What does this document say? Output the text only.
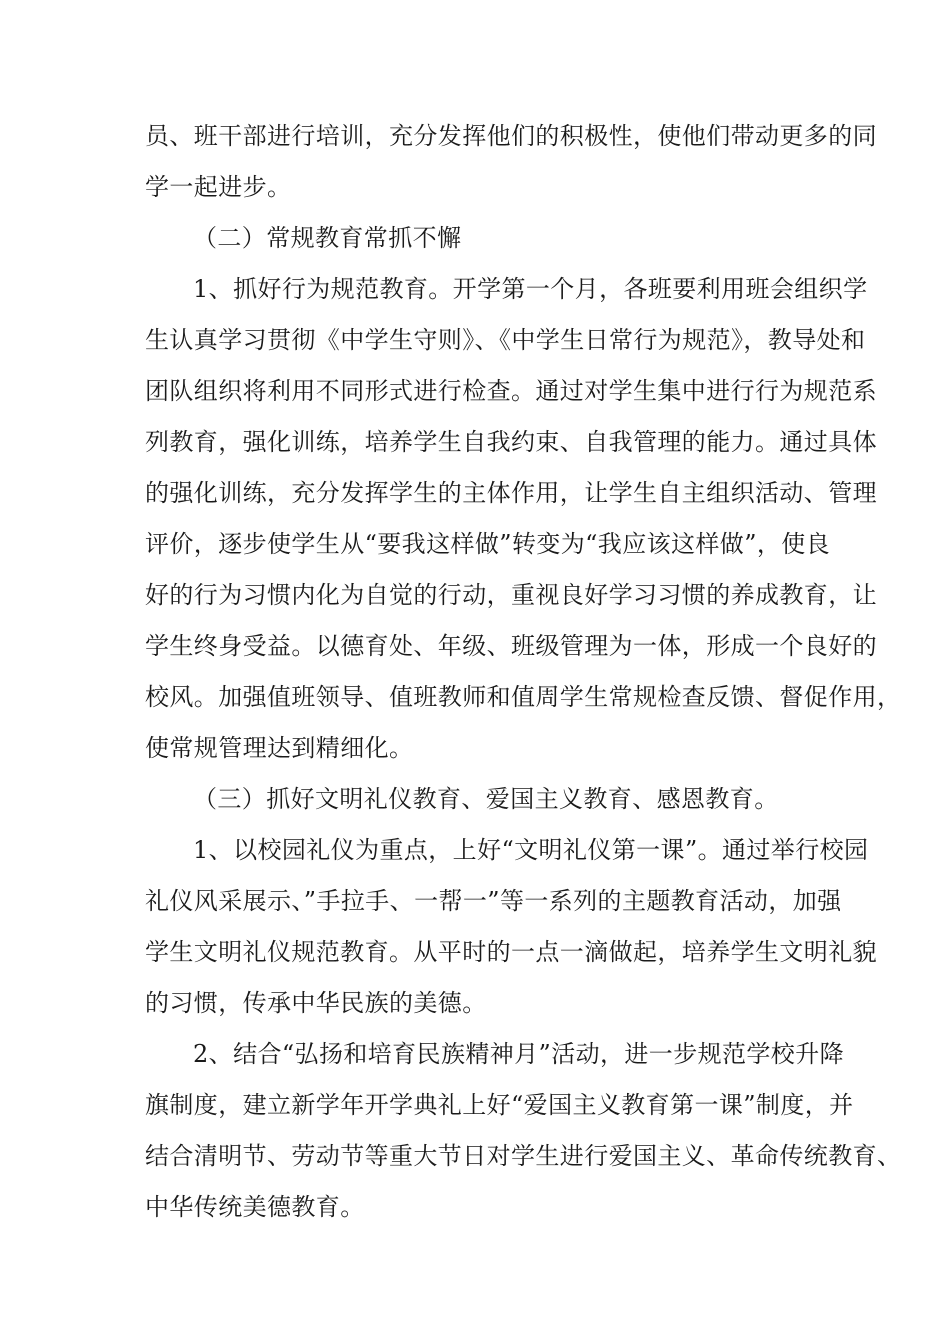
员、班干部进行培训，充分发挥他们的积极性，使他们带动更多的同
学一起进步。
（二）常规教育常抓不懈
1、抓好行为规范教育。开学第一个月，各班要利用班会组织学
生认真学习贯彻《中学生守则》、《中学生日常行为规范》，教导处和
团队组织将利用不同形式进行检查。通过对学生集中进行行为规范系
列教育，强化训练，培养学生自我约束、自我管理的能力。通过具体
的强化训练，充分发挥学生的主体作用，让学生自主组织活动、管理
评价，逐步使学生从“要我这样做”转变为“我应该这样做”，使良
好的行为习惯内化为自觉的行动，重视良好学习习惯的养成教育，让
学生终身受益。以德育处、年级、班级管理为一体，形成一个良好的
校风。加强值班领导、值班教师和值周学生常规检查反馈、督促作用，
使常规管理达到精细化。
（三）抓好文明礼仪教育、爱国主义教育、感恩教育。
1、以校园礼仪为重点，上好“文明礼仪第一课”。通过举行校园
礼仪风采展示、”手拉手、一帮一”等一系列的主题教育活动，加强
学生文明礼仪规范教育。从平时的一点一滴做起，培养学生文明礼貌
的习惯，传承中华民族的美德。
2、结合“弘扬和培育民族精神月”活动，进一步规范学校升降
旗制度，建立新学年开学典礼上好“爱国主义教育第一课”制度，并
结合清明节、劳动节等重大节日对学生进行爱国主义、革命传统教育、
中华传统美德教育。
